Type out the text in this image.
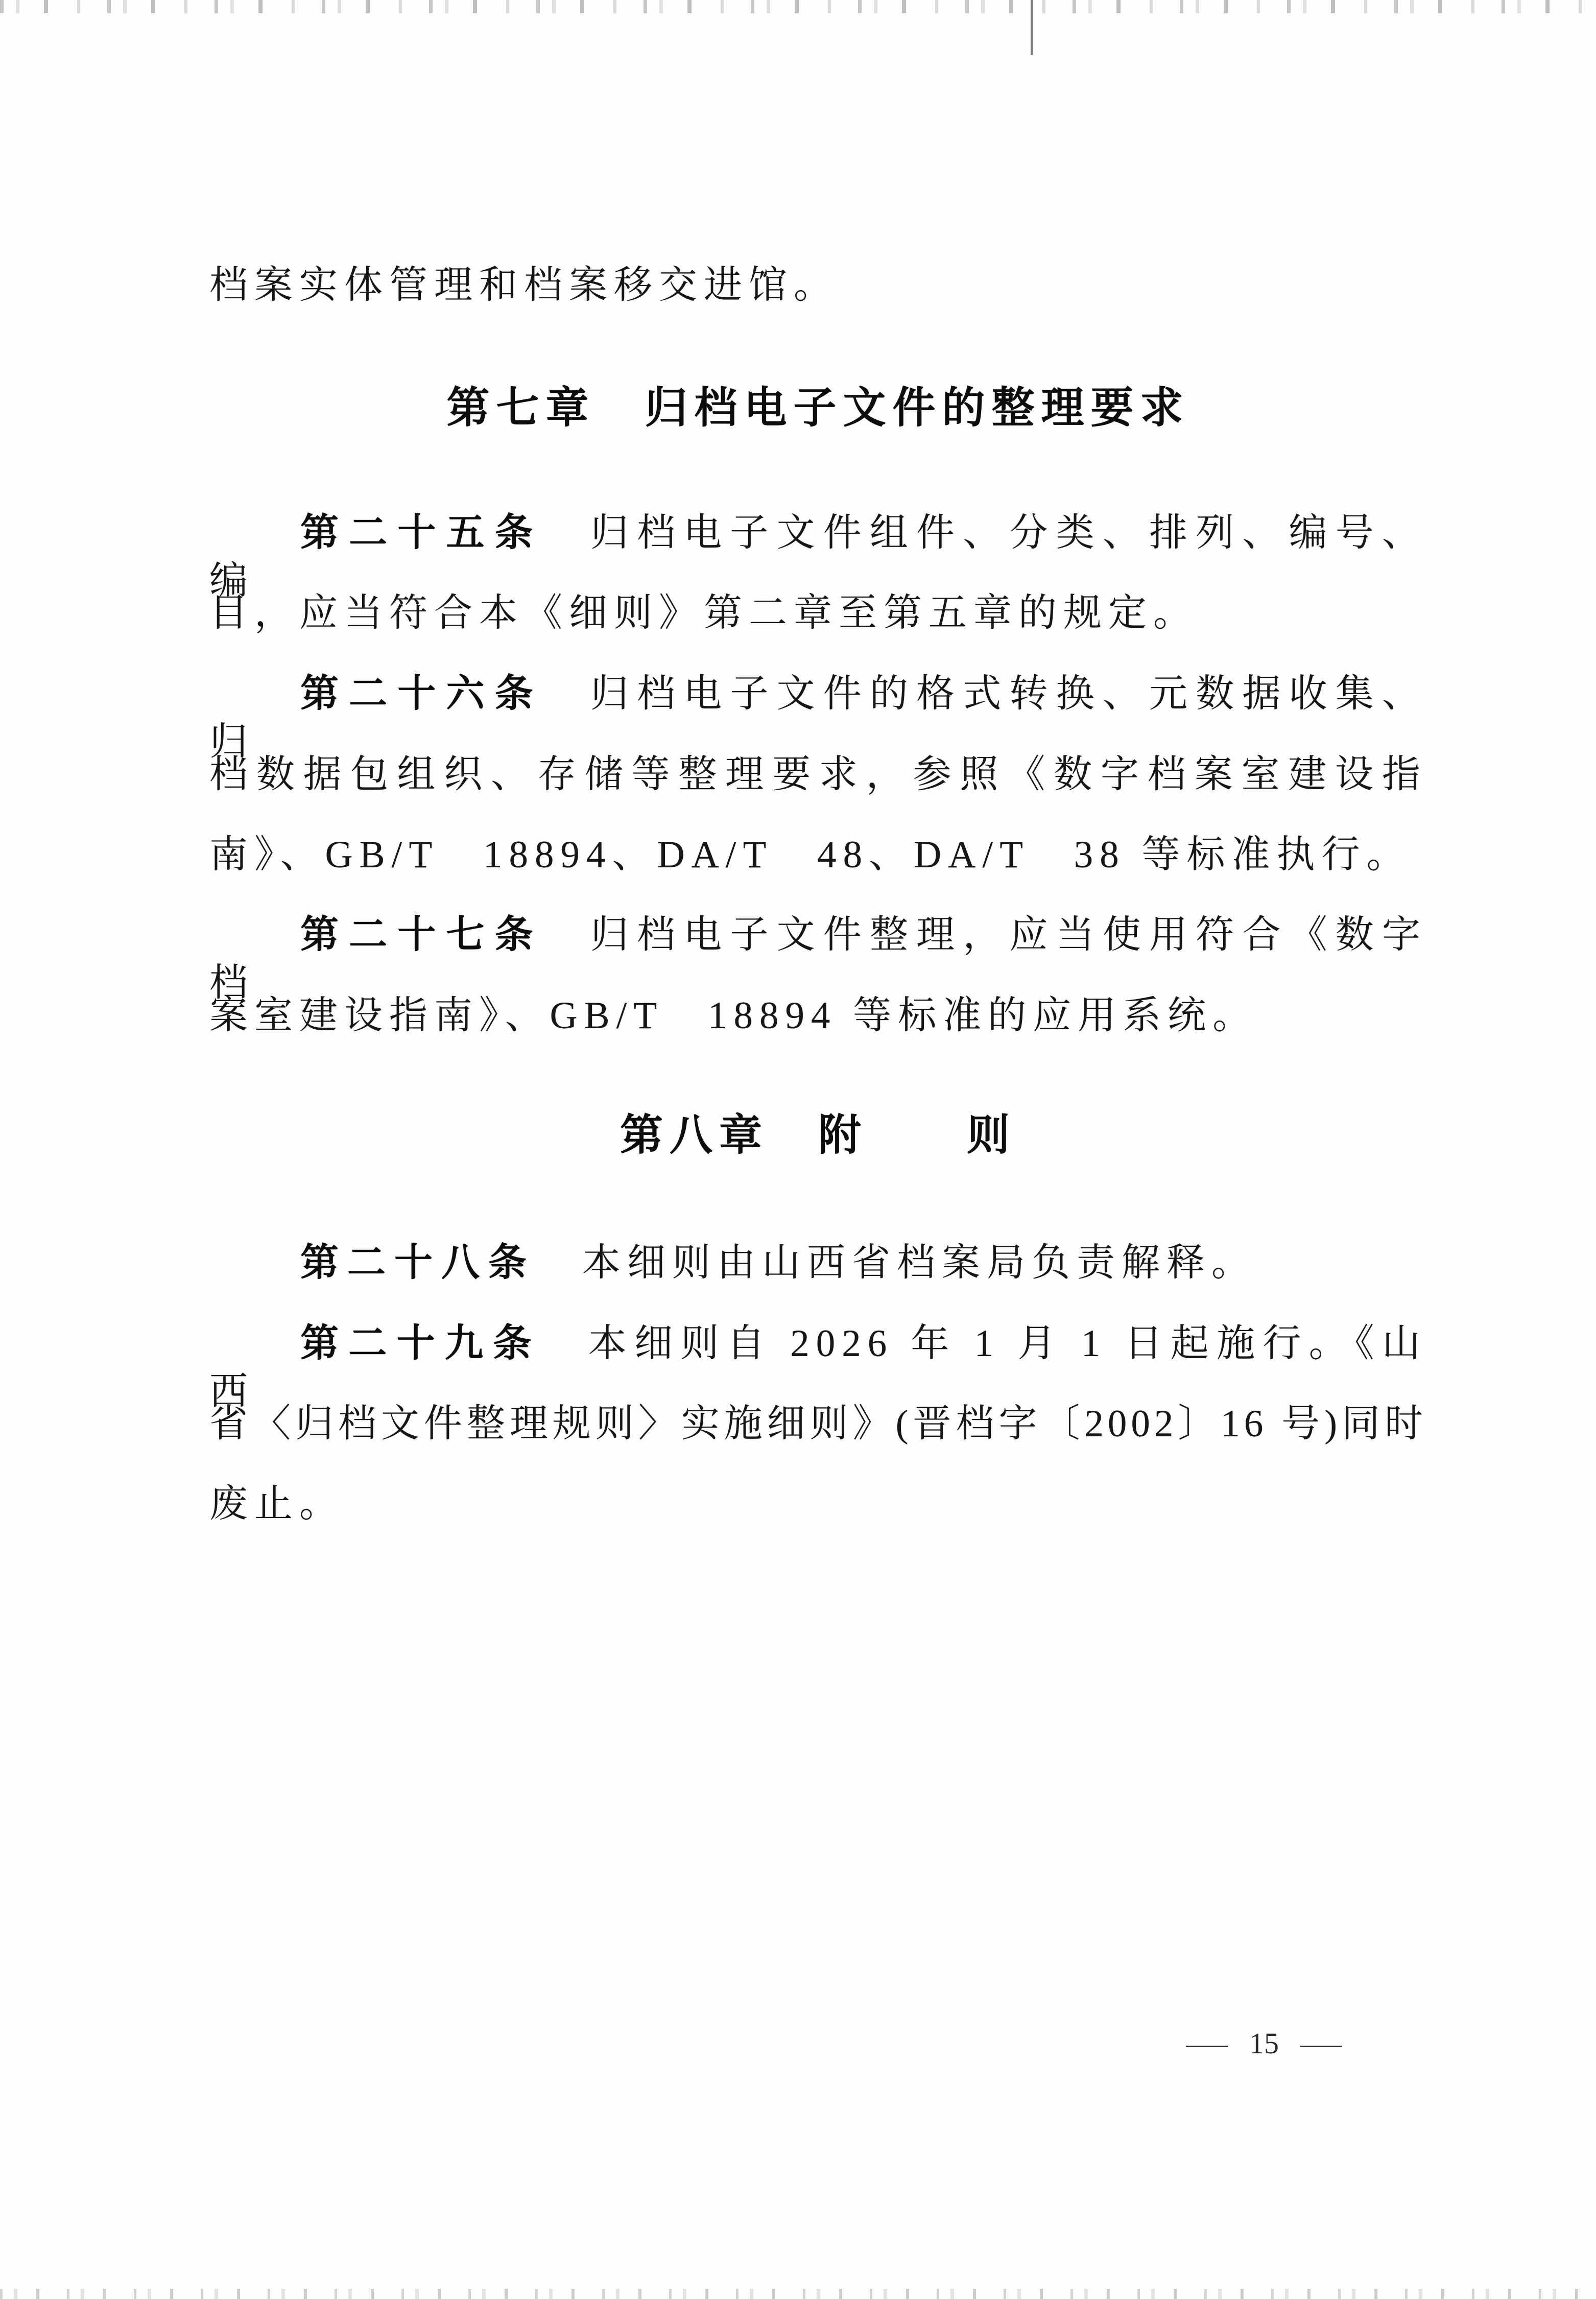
档案实体管理和档案移交进馆。
第七章　归档电子文件的整理要求
第二十五条 归档电子文件组件、分类、排列、编号、编
目，应当符合本《细则》第二章至第五章的规定。
第二十六条 归档电子文件的格式转换、元数据收集、归
档数据包组织、存储等整理要求，参照《数字档案室建设指
南》、GB/T　18894、DA/T　48、DA/T　38 等标准执行。
第二十七条 归档电子文件整理，应当使用符合《数字档
案室建设指南》、GB/T　18894 等标准的应用系统。
第八章　附　　则
第二十八条 本细则由山西省档案局负责解释。
第二十九条 本细则自 2026 年 1 月 1 日起施行。《山西
省〈归档文件整理规则〉实施细则》(晋档字〔2002〕16 号)同时
废止。
— 15 —
